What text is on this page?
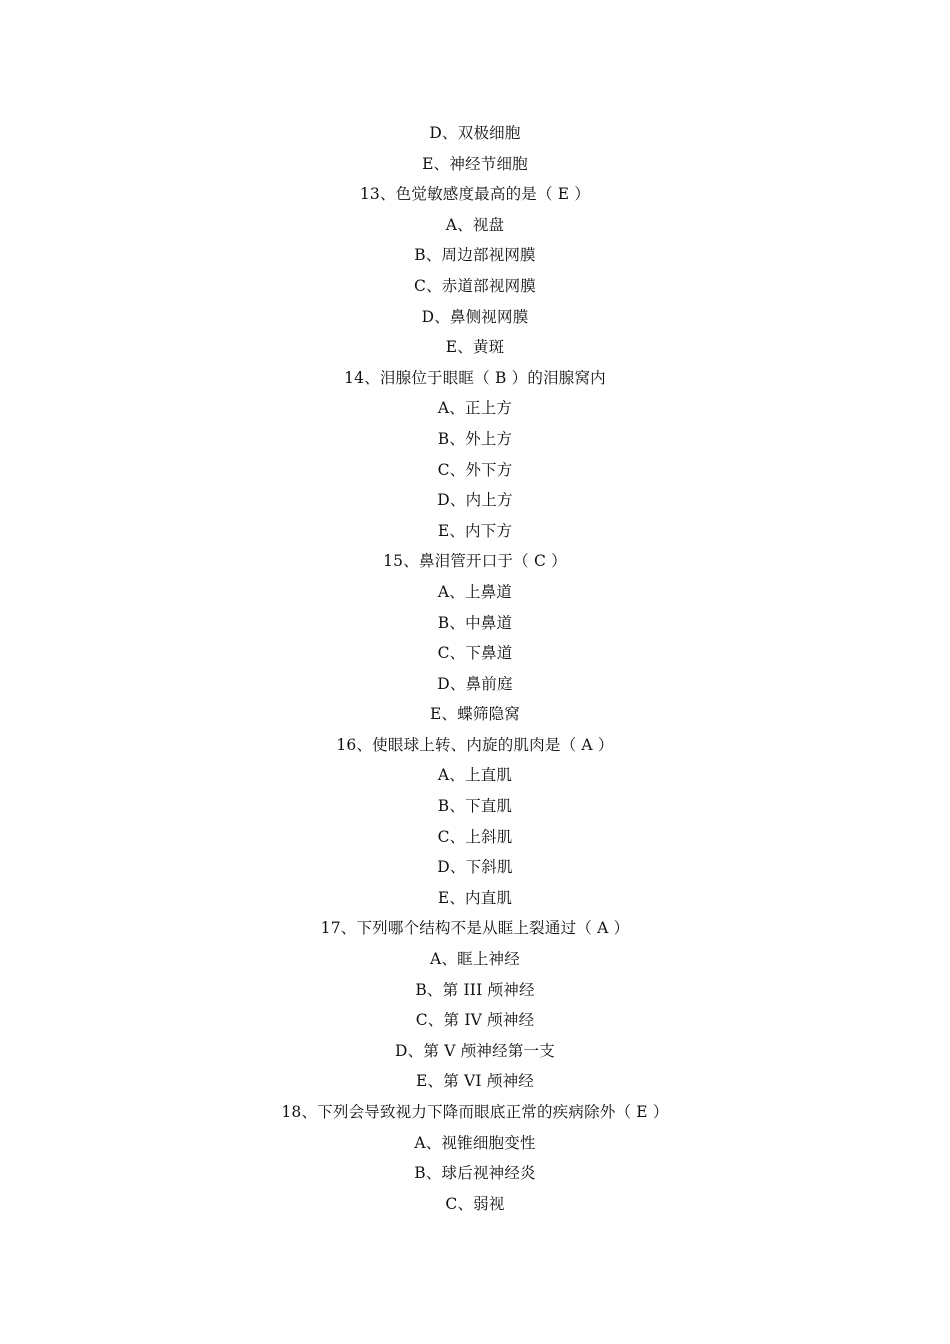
D、双极细胞
E、神经节细胞
13、色觉敏感度最高的是（ E ）
A、视盘
B、周边部视网膜
C、赤道部视网膜
D、鼻侧视网膜
E、黄斑
14、泪腺位于眼眶（ B ）的泪腺窝内
A、正上方
B、外上方
C、外下方
D、内上方
E、内下方
15、鼻泪管开口于（ C ）
A、上鼻道
B、中鼻道
C、下鼻道
D、鼻前庭
E、蝶筛隐窝
16、使眼球上转、内旋的肌肉是（ A ）
A、上直肌
B、下直肌
C、上斜肌
D、下斜肌
E、内直肌
17、下列哪个结构不是从眶上裂通过（ A ）
A、眶上神经
B、第 III 颅神经
C、第 IV 颅神经
D、第 V 颅神经第一支
E、第 VI 颅神经
18、下列会导致视力下降而眼底正常的疾病除外（ E ）
A、视锥细胞变性
B、球后视神经炎
C、弱视
